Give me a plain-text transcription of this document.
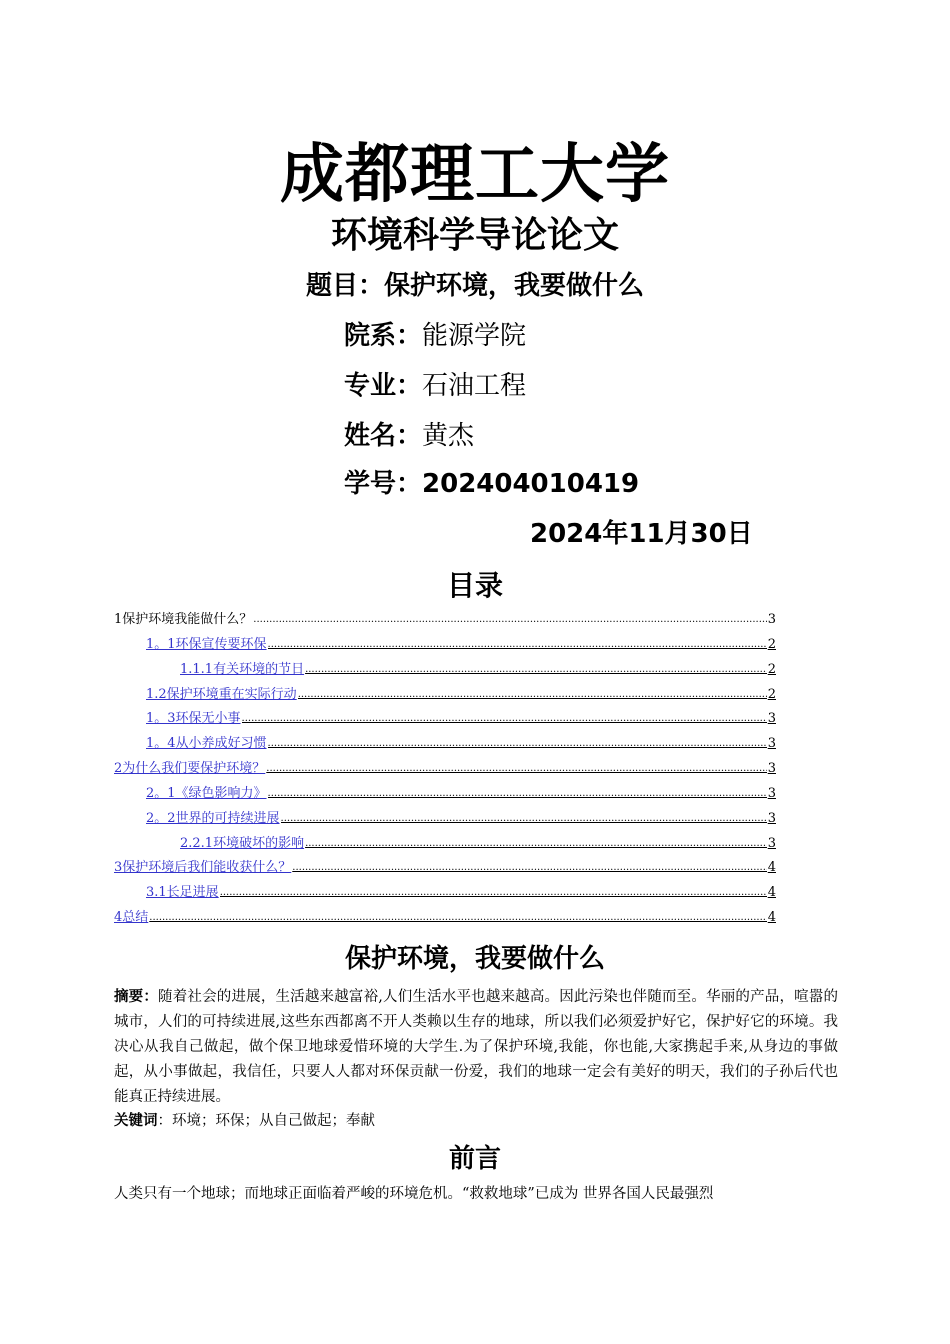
成都理工大学
环境科学导论论文
题目：保护环境，我要做什么
院系：能源学院
专业：石油工程
姓名：黄杰
学号：202404010419
2024年11月30日
目录
1保护环境我能做什么？ .....	3
1。1环保宣传要环保 .....	2
1.1.1有关环境的节日 .....	2
1.2保护环境重在实际行动 .....	2
1。3环保无小事 .....	3
1。4从小养成好习惯 .....	3
2为什么我们要保护环境？ .....	3
2。1《绿色影响力》 .....	3
2。2世界的可持续进展 .....	3
2.2.1环境破坏的影响 .....	3
3保护环境后我们能收获什么？ .....	4
3.1长足进展 .....	4
4总结 .....	4
保护环境，我要做什么
摘要：随着社会的进展，生活越来越富裕,人们生活水平也越来越高。因此污染也伴随而至。华丽的产品，喧嚣的城市，人们的可持续进展,这些东西都离不开人类赖以生存的地球，所以我们必须爱护好它，保护好它的环境。我决心从我自己做起，做个保卫地球爱惜环境的大学生.为了保护环境,我能，你也能,大家携起手来,从身边的事做起，从小事做起，我信任，只要人人都对环保贡献一份爱，我们的地球一定会有美好的明天，我们的子孙后代也能真正持续进展。
关键词：环境；环保；从自己做起；奉献
前言
人类只有一个地球；而地球正面临着严峻的环境危机。“救救地球”已成为 世界各国人民最强烈
